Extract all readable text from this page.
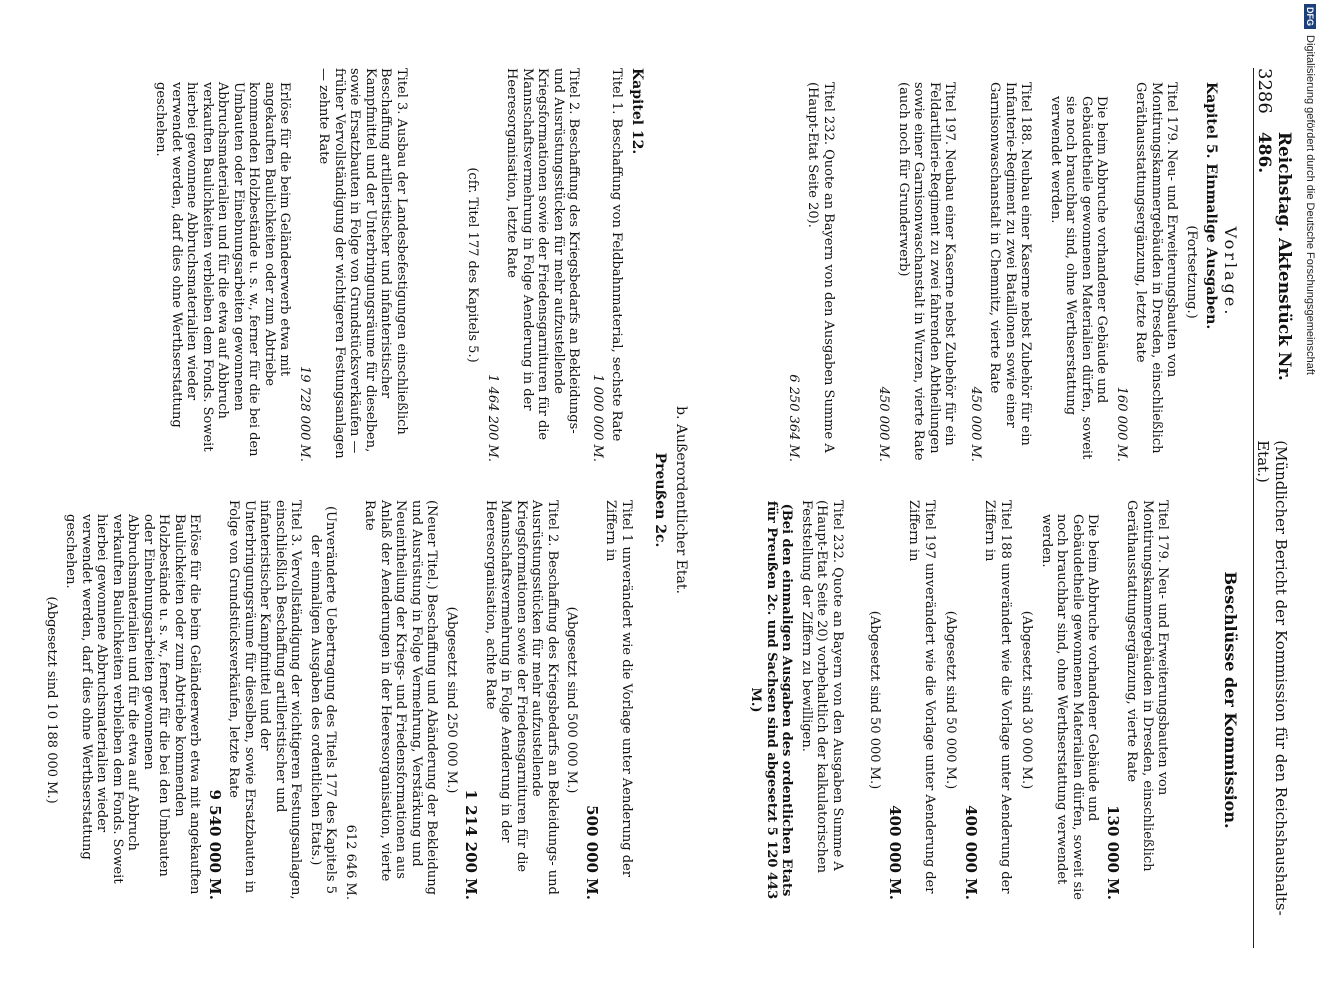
DFG
Digitalisierung gefördert durch die Deutsche Forschungsgemeinschaft
3286
Reichstag. Aktenstück Nr. 486.
(Mündlicher Bericht der Kommission für den Reichshaushalts-Etat.)

Vorlage.

Kapitel 5. Einmalige Ausgaben.

(Fortsetzung.)

Titel 179. Neu- und Erweiterungsbauten von Montirungskammergebäuden in Dresden, einschließlich Geräthausstattungsergänzung, letzte Rate

160 000 M.

Die beim Abbruche vorhandener Gebäude und Gebäudetheile gewonnenen Materialien dürfen, soweit sie noch brauchbar sind, ohne Werthserstattung verwendet werden.

Titel 188. Neubau einer Kaserne nebst Zubehör für ein Infanterie-Regiment zu zwei Bataillonen sowie einer Garnisonwaschanstalt in Chemnitz, vierte Rate

450 000 M.

Titel 197. Neubau einer Kaserne nebst Zubehör für ein Feldartillerie-Regiment zu zwei fahrenden Abtheilungen sowie einer Garnisonwaschanstalt in Wurzen, vierte Rate (auch noch für Grunderwerb)

450 000 M.

Titel 232. Quote an Bayern von den Ausgaben Summe A (Haupt-Etat Seite 20).

6 250 364 M.

Beschlüsse der Kommission.

Titel 179. Neu- und Erweiterungsbauten von Montirungskammergebäuden in Dresden, einschließlich Geräthausstattungsergänzung, vierte Rate

130 000 M.

Die beim Abbruche vorhandener Gebäude und Gebäudetheile gewonnenen Materialien dürfen, soweit sie noch brauchbar sind, ohne Werthserstattung verwendet werden.

(Abgesetzt sind 30 000 M.)

Titel 188 unverändert wie die Vorlage unter Aenderung der Ziffern in

400 000 M.

(Abgesetzt sind 50 000 M.)

Titel 197 unverändert wie die Vorlage unter Aenderung der Ziffern in

400 000 M.

(Abgesetzt sind 50 000 M.)

Titel 232. Quote an Bayern von den Ausgaben Summe A (Haupt-Etat Seite 20) vorbehaltlich der kalkulatorischen Feststellung der Ziffern zu bewilligen.

(Bei den einmaligen Ausgaben des ordentlichen Etats für Preußen 2c. und Sachsen sind abgesetzt 5 120 443 M.)

b. Außerordentlicher Etat.
Preußen 2c.

Kapitel 12.

Titel 1. Beschaffung von Feldbahnmaterial, sechste Rate

1 000 000 M.

Titel 2. Beschaffung des Kriegsbedarfs an Bekleidungs- und Ausrüstungsstücken für mehr aufzustellende Kriegsformationen sowie der Friedensgarnituren für die Mannschaftsvermehrung in Folge Aenderung in der Heeresorganisation, letzte Rate

1 464 200 M.

(cfr. Titel 177 des Kapitels 5.)

Titel 3. Ausbau der Landesbefestigungen einschließlich Beschaffung artilleristischer und infanteristischer Kampfmittel und der Unterbringungsräume für dieselben, sowie Ersatzbauten in Folge von Grundstücksverkäufen — früher Vervollständigung der wichtigeren Festungsanlagen — zehnte Rate

19 728 000 M.

Erlöse für die beim Geländeerwerb etwa mit angekauften Baulichkeiten oder zum Abtriebe kommenden Holzbestände u. s. w., ferner für die bei den Umbauten oder Einebnungsarbeiten gewonnenen Abbruchsmaterialien und für die etwa auf Abbruch verkauften Baulichkeiten verbleiben dem Fonds. Soweit hierbei gewonnene Abbruchsmaterialien wieder verwendet werden, darf dies ohne Werthserstattung geschehen.

Titel 1 unverändert wie die Vorlage unter Aenderung der Ziffern in

500 000 M.

(Abgesetzt sind 500 000 M.)

Titel 2. Beschaffung des Kriegsbedarfs an Bekleidungs- und Ausrüstungsstücken für mehr aufzustellende Kriegsformationen sowie der Friedensgarnituren für die Mannschaftsvermehrung in Folge Aenderung in der Heeresorganisation, achte Rate

1 214 200 M.

(Abgesetzt sind 250 000 M.)

(Neuer Titel.) Beschaffung und Abänderung der Bekleidung und Ausrüstung in Folge Vermehrung, Verstärkung und Neueintheilung der Kriegs- und Friedensformationen aus Anlaß der Aenderungen in der Heeresorganisation, vierte Rate

612 646 M.

(Unveränderte Uebertragung des Titels 177 des Kapitels 5 der einmaligen Ausgaben des ordentlichen Etats.)

Titel 3. Vervollständigung der wichtigeren Festungsanlagen, einschließlich Beschaffung artilleristischer und infanteristischer Kampfmittel und der Unterbringungsräume für dieselben, sowie Ersatzbauten in Folge von Grundstücksverkäufen, letzte Rate

9 540 000 M.

Erlöse für die beim Geländeerwerb etwa mit angekauften Baulichkeiten oder zum Abtriebe kommenden Holzbestände u. s. w., ferner für die bei den Umbauten oder Einebnungsarbeiten gewonnenen Abbruchsmaterialien und für die etwa auf Abbruch verkauften Baulichkeiten verbleiben dem Fonds. Soweit hierbei gewonnene Abbruchsmaterialien wieder verwendet werden, darf dies ohne Werthserstattung geschehen.

(Abgesetzt sind 10 188 000 M.)
